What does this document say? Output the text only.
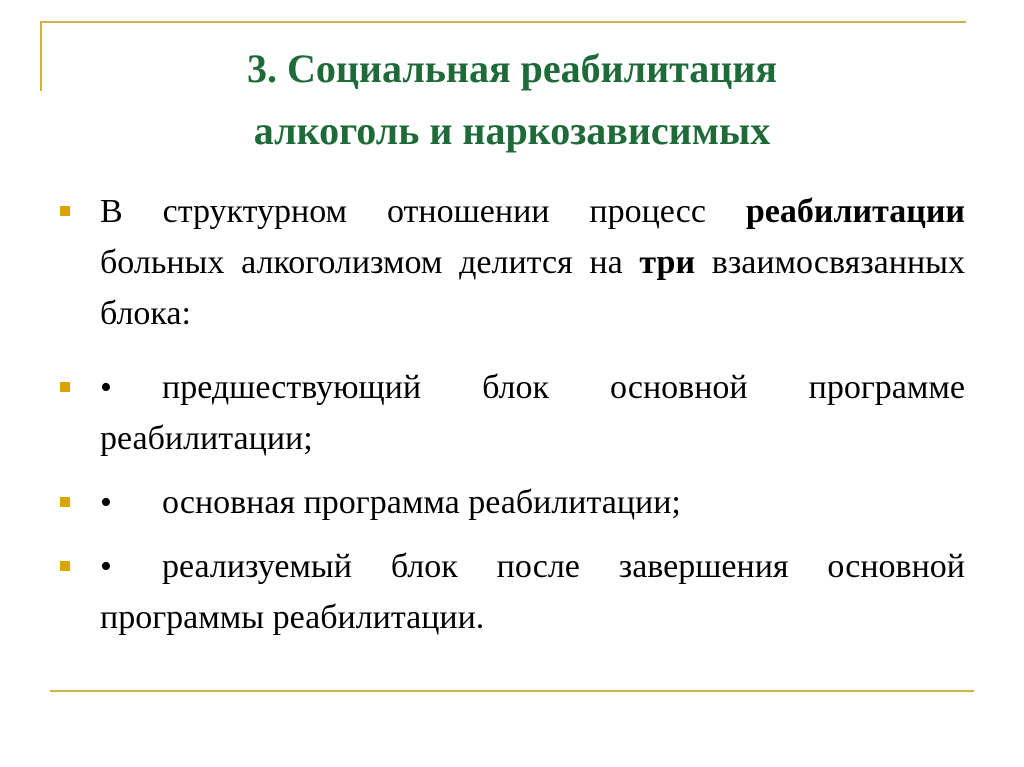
3. Социальная реабилитация
алкоголь и наркозависимых
В структурном отношении процесс реабилитации больных алкоголизмом делится на три взаимосвязанных блока:
• предшествующий блок основной программе реабилитации;
• основная программа реабилитации;
• реализуемый блок после завершения основной программы реабилитации.
